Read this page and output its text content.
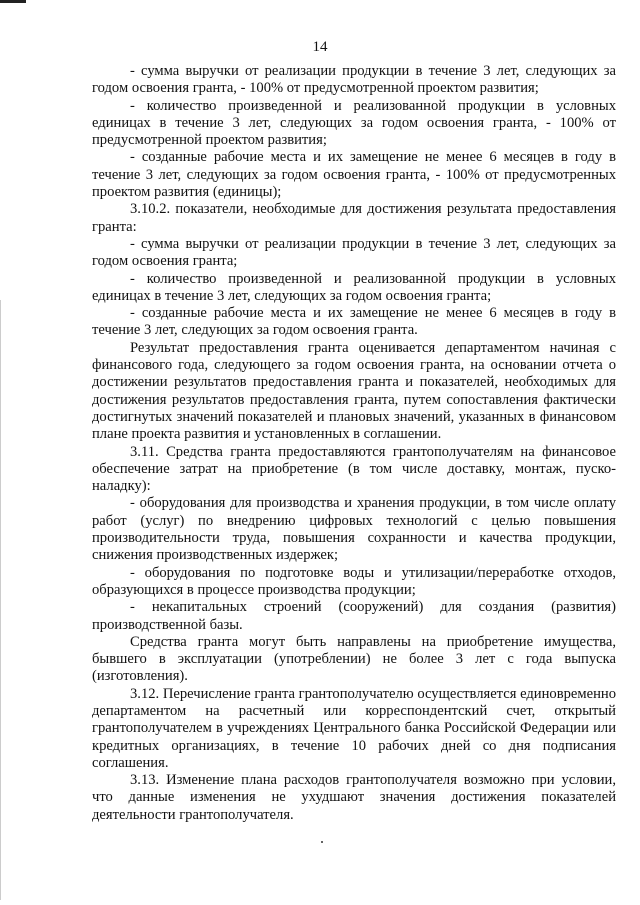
14

- сумма выручки от реализации продукции в течение 3 лет, следующих за годом освоения гранта, - 100% от предусмотренной проектом развития;

- количество произведенной и реализованной продукции в условных единицах в течение 3 лет, следующих за годом освоения гранта, - 100% от предусмотренной проектом развития;

- созданные рабочие места и их замещение не менее 6 месяцев в году в течение 3 лет, следующих за годом освоения гранта, - 100% от предусмотренных проектом развития (единицы);

3.10.2. показатели, необходимые для достижения результата предоставления гранта:

- сумма выручки от реализации продукции в течение 3 лет, следующих за годом освоения гранта;

- количество произведенной и реализованной продукции в условных единицах в течение 3 лет, следующих за годом освоения гранта;

- созданные рабочие места и их замещение не менее 6 месяцев в году в течение 3 лет, следующих за годом освоения гранта.

Результат предоставления гранта оценивается департаментом начиная с финансового года, следующего за годом освоения гранта, на основании отчета о достижении результатов предоставления гранта и показателей, необходимых для достижения результатов предоставления гранта, путем сопоставления фактически достигнутых значений показателей и плановых значений, указанных в финансовом плане проекта развития и установленных в соглашении.

3.11. Средства гранта предоставляются грантополучателям на финансовое обеспечение затрат на приобретение (в том числе доставку, монтаж, пуско-наладку):

- оборудования для производства и хранения продукции, в том числе оплату работ (услуг) по внедрению цифровых технологий с целью повышения производительности труда, повышения сохранности и качества продукции, снижения производственных издержек;

- оборудования по подготовке воды и утилизации/переработке отходов, образующихся в процессе производства продукции;

- некапитальных строений (сооружений) для создания (развития) производственной базы.

Средства гранта могут быть направлены на приобретение имущества, бывшего в эксплуатации (употреблении) не более 3 лет с года выпуска (изготовления).

3.12. Перечисление гранта грантополучателю осуществляется единовременно департаментом на расчетный или корреспондентский счет, открытый грантополучателем в учреждениях Центрального банка Российской Федерации или кредитных организациях, в течение 10 рабочих дней со дня подписания соглашения.

3.13. Изменение плана расходов грантополучателя возможно при условии, что данные изменения не ухудшают значения достижения показателей деятельности грантополучателя.
